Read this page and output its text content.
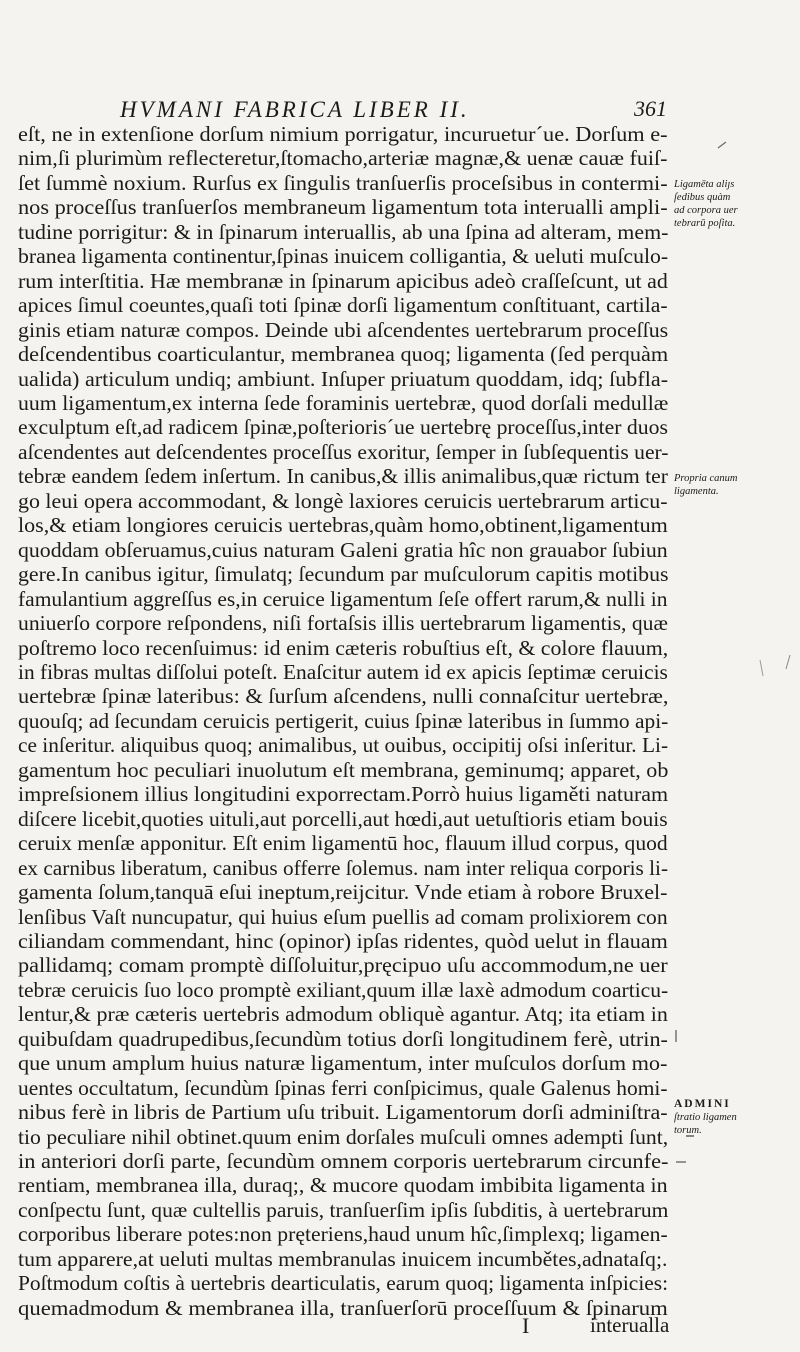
HVMANI FABRICA LIBER II.	361
eſt, ne in extenſione dorſum nimium porrigatur, incuruetur´ue. Dorſum e-
nim,ſi plurimùm reflecteretur,ſtomacho,arteriæ magnæ,& uenæ cauæ fuiſ-
ſet ſummè noxium. Rurſus ex ſingulis tranſuerſis proceſsibus in contermi-
nos proceſſus tranſuerſos membraneum ligamentum tota interualli ampli-
tudine porrigitur: & in ſpinarum interuallis, ab una ſpina ad alteram, mem-
branea ligamenta continentur,ſpinas inuicem colligantia, & ueluti muſculo-
rum interſtitia. Hæ membranæ in ſpinarum apicibus adeò craſſeſcunt, ut ad
apices ſimul coeuntes,quaſi toti ſpinæ dorſi ligamentum conſtituant, cartila-
ginis etiam naturæ compos. Deinde ubi aſcendentes uertebrarum proceſſus
deſcendentibus coarticulantur, membranea quoq; ligamenta (ſed perquàm
ualida) articulum undiq; ambiunt. Inſuper priuatum quoddam, idq; ſubfla-
uum ligamentum,ex interna ſede foraminis uertebræ, quod dorſali medullæ
exculptum eſt,ad radicem ſpinæ,poſterioris´ue uertebrę proceſſus,inter duos
aſcendentes aut deſcendentes proceſſus exoritur, ſemper in ſubſequentis uer-
tebræ eandem ſedem inſertum. In canibus,& illis animalibus,quæ rictum ter
go leui opera accommodant, & longè laxiores ceruicis uertebrarum articu-
los,& etiam longiores ceruicis uertebras,quàm homo,obtinent,ligamentum
quoddam obſeruamus,cuius naturam Galeni gratia hîc non grauabor ſubiun
gere.In canibus igitur, ſimulatq; ſecundum par muſculorum capitis motibus
famulantium aggreſſus es,in ceruice ligamentum ſeſe offert rarum,& nulli in
uniuerſo corpore reſpondens, niſi fortaſsis illis uertebrarum ligamentis, quæ
poſtremo loco recenſuimus: id enim cæteris robuſtius eſt, & colore flauum,
in fibras multas diſſolui poteſt. Enaſcitur autem id ex apicis ſeptimæ ceruicis
uertebræ ſpinæ lateribus: & ſurſum aſcendens, nulli connaſcitur uertebræ,
quouſq; ad ſecundam ceruicis pertigerit, cuius ſpinæ lateribus in ſummo api-
ce inſeritur. aliquibus quoq; animalibus, ut ouibus, occipitij oſsi inſeritur. Li-
gamentum hoc peculiari inuolutum eſt membrana, geminumq; apparet, ob
impreſsionem illius longitudini exporrectam.Porrò huius ligaměti naturam
diſcere licebit,quoties uituli,aut porcelli,aut hœdi,aut uetuſtioris etiam bouis
ceruix menſæ apponitur. Eſt enim ligamentū hoc, flauum illud corpus, quod
ex carnibus liberatum, canibus offerre ſolemus. nam inter reliqua corporis li-
gamenta ſolum,tanquā eſui ineptum,reijcitur. Vnde etiam à robore Bruxel-
lenſibus Vaſt nuncupatur, qui huius eſum puellis ad comam prolixiorem con
ciliandam commendant, hinc (opinor) ipſas ridentes, quòd uelut in flauam
pallidamq; comam promptè diſſoluitur,pręcipuo uſu accommodum,ne uer
tebræ ceruicis ſuo loco promptè exiliant,quum illæ laxè admodum coarticu-
lentur,& præ cæteris uertebris admodum obliquè agantur. Atq; ita etiam in
quibuſdam quadrupedibus,ſecundùm totius dorſi longitudinem ferè, utrin-
que unum amplum huius naturæ ligamentum, inter muſculos dorſum mo-
uentes occultatum, ſecundùm ſpinas ferri conſpicimus, quale Galenus homi-
nibus ferè in libris de Partium uſu tribuit. Ligamentorum dorſi adminiſtra-
tio peculiare nihil obtinet.quum enim dorſales muſculi omnes adempti ſunt,
in anteriori dorſi parte, ſecundùm omnem corporis uertebrarum circunfe-
rentiam, membranea illa, duraq;, & mucore quodam imbibita ligamenta in
conſpectu ſunt, quæ cultellis paruis, tranſuerſim ipſis ſubditis, à uertebrarum
corporibus liberare potes:non pręteriens,haud unum hîc,ſimplexq; ligamen-
tum apparere,at ueluti multas membranulas inuicem incumbětes,adnataſq;.
Poſtmodum coſtis à uertebris dearticulatis, earum quoq; ligamenta inſpicies:
quemadmodum & membranea illa, tranſuerſorū proceſſuum & ſpinarum
Ligamēta aliȷs
ſedibus quàm
ad corpora uer
tebrarū poſita.
Propria canum
ligamenta.
ADMINI
ſtratio ligamen
torum.
I	interualla
